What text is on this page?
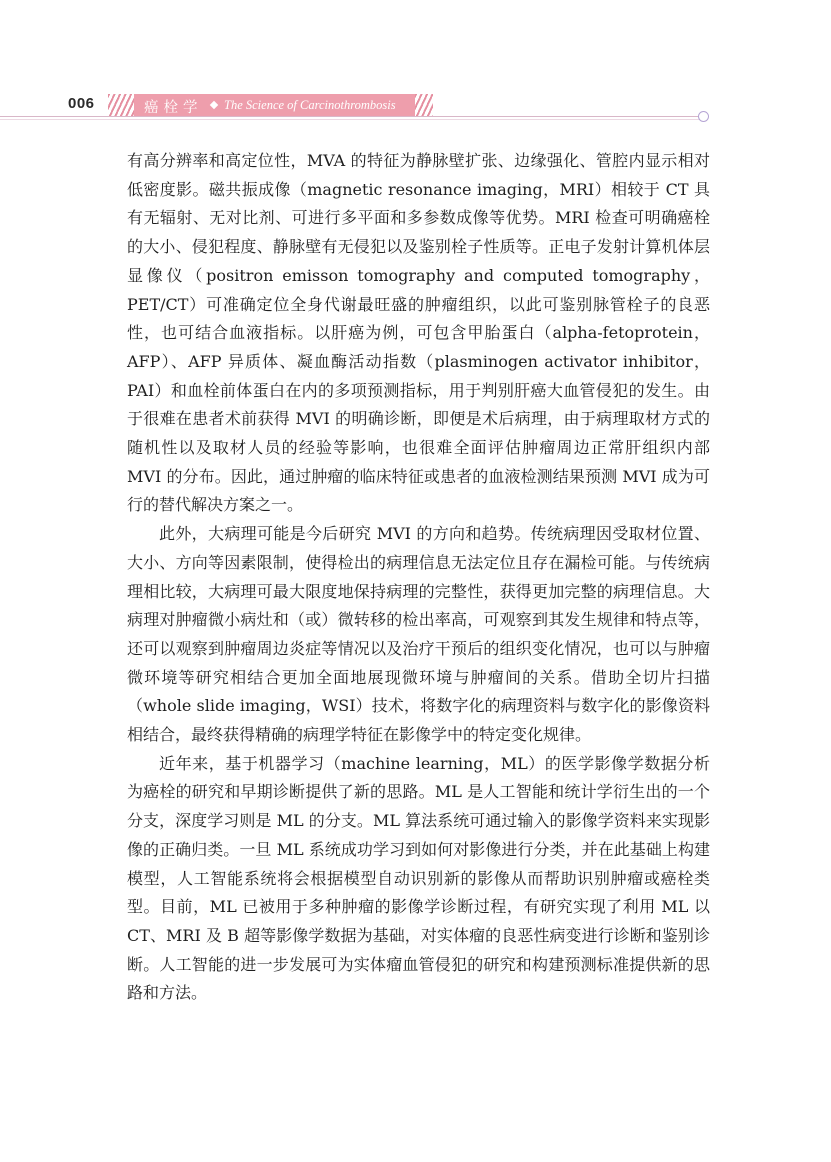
006	癌栓学 The Science of Carcinothrombosis

有高分辨率和高定位性，MVA 的特征为静脉壁扩张、边缘强化、管腔内显示相对低密度影。磁共振成像（magnetic resonance imaging，MRI）相较于 CT 具有无辐射、无对比剂、可进行多平面和多参数成像等优势。MRI 检查可明确癌栓的大小、侵犯程度、静脉壁有无侵犯以及鉴别栓子性质等。正电子发射计算机体层显像仪（positron emisson tomography and computed tomography，PET/CT）可准确定位全身代谢最旺盛的肿瘤组织，以此可鉴别脉管栓子的良恶性，也可结合血液指标。以肝癌为例，可包含甲胎蛋白（alpha-fetoprotein，AFP）、AFP 异质体、凝血酶活动指数（plasminogen activator inhibitor，PAI）和血栓前体蛋白在内的多项预测指标，用于判别肝癌大血管侵犯的发生。由于很难在患者术前获得 MVI 的明确诊断，即便是术后病理，由于病理取材方式的随机性以及取材人员的经验等影响，也很难全面评估肿瘤周边正常肝组织内部 MVI 的分布。因此，通过肿瘤的临床特征或患者的血液检测结果预测 MVI 成为可行的替代解决方案之一。

此外，大病理可能是今后研究 MVI 的方向和趋势。传统病理因受取材位置、大小、方向等因素限制，使得检出的病理信息无法定位且存在漏检可能。与传统病理相比较，大病理可最大限度地保持病理的完整性，获得更加完整的病理信息。大病理对肿瘤微小病灶和（或）微转移的检出率高，可观察到其发生规律和特点等，还可以观察到肿瘤周边炎症等情况以及治疗干预后的组织变化情况，也可以与肿瘤微环境等研究相结合更加全面地展现微环境与肿瘤间的关系。借助全切片扫描（whole slide imaging，WSI）技术，将数字化的病理资料与数字化的影像资料相结合，最终获得精确的病理学特征在影像学中的特定变化规律。

近年来，基于机器学习（machine learning，ML）的医学影像学数据分析为癌栓的研究和早期诊断提供了新的思路。ML 是人工智能和统计学衍生出的一个分支，深度学习则是 ML 的分支。ML 算法系统可通过输入的影像学资料来实现影像的正确归类。一旦 ML 系统成功学习到如何对影像进行分类，并在此基础上构建模型，人工智能系统将会根据模型自动识别新的影像从而帮助识别肿瘤或癌栓类型。目前，ML 已被用于多种肿瘤的影像学诊断过程，有研究实现了利用 ML 以 CT、MRI 及 B 超等影像学数据为基础，对实体瘤的良恶性病变进行诊断和鉴别诊断。人工智能的进一步发展可为实体瘤血管侵犯的研究和构建预测标准提供新的思路和方法。
